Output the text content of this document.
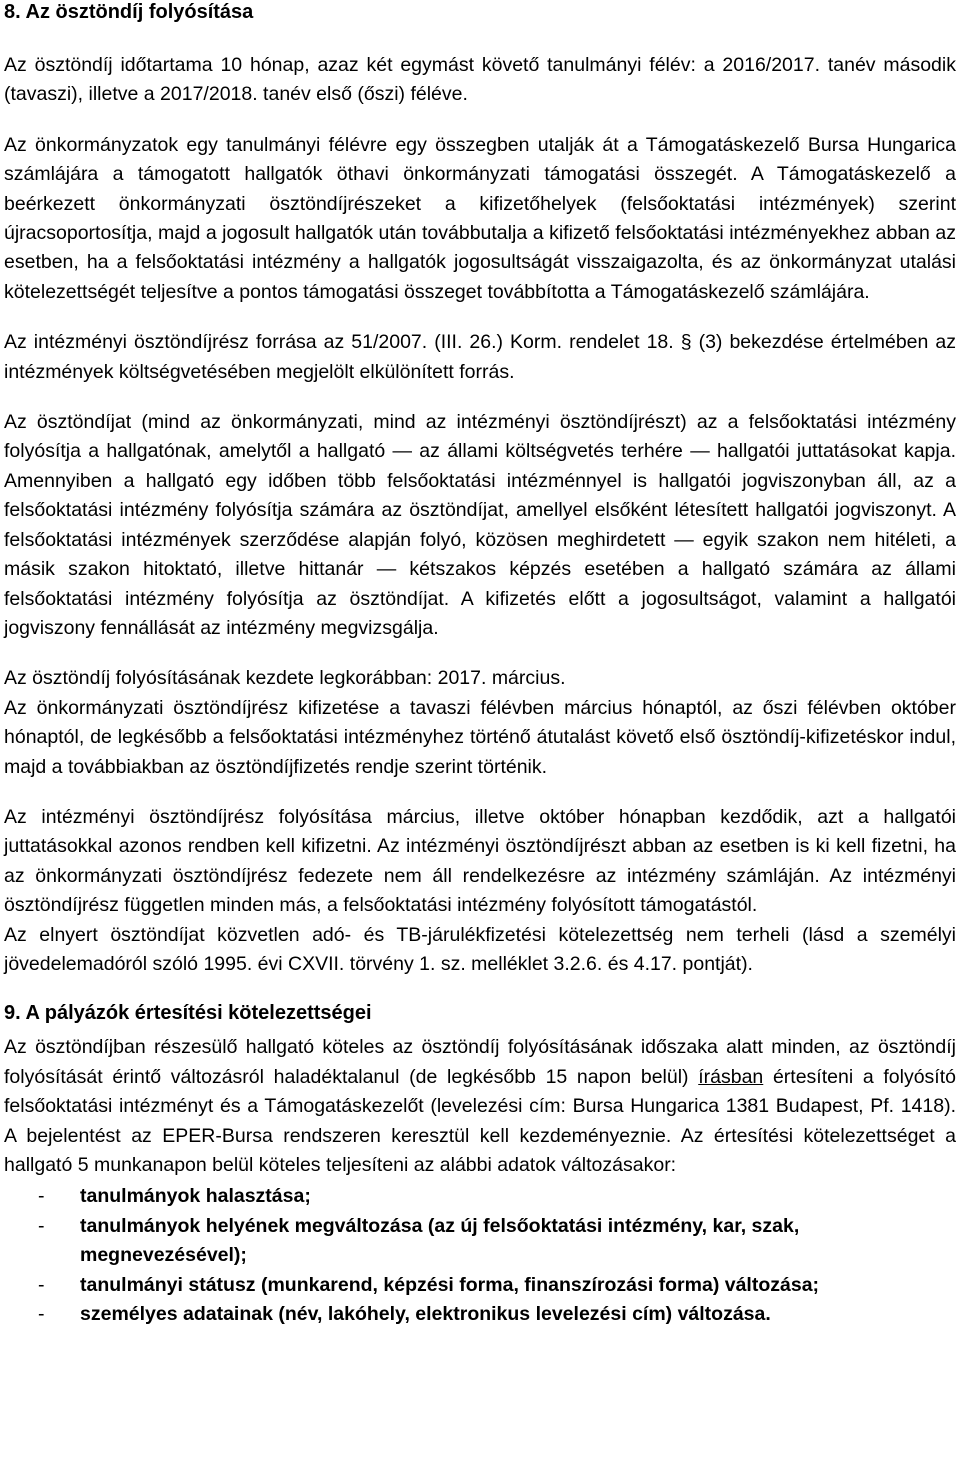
8. Az ösztöndíj folyósítása

Az ösztöndíj időtartama 10 hónap, azaz két egymást követő tanulmányi félév: a 2016/2017. tanév második (tavaszi), illetve a 2017/2018. tanév első (őszi) féléve.

Az önkormányzatok egy tanulmányi félévre egy összegben utalják át a Támogatáskezelő Bursa Hungarica számlájára a támogatott hallgatók öthavi önkormányzati támogatási összegét. A Támogatáskezelő a beérkezett önkormányzati ösztöndíjrészeket a kifizetőhelyek (felsőoktatási intézmények) szerint újracsoportosítja, majd a jogosult hallgatók után továbbutalja a kifizető felsőoktatási intézményekhez abban az esetben, ha a felsőoktatási intézmény a hallgatók jogosultságát visszaigazolta, és az önkormányzat utalási kötelezettségét teljesítve a pontos támogatási összeget továbbította a Támogatáskezelő számlájára.

Az intézményi ösztöndíjrész forrása az 51/2007. (III. 26.) Korm. rendelet 18. § (3) bekezdése értelmében az intézmények költségvetésében megjelölt elkülönített forrás.

Az ösztöndíjat (mind az önkormányzati, mind az intézményi ösztöndíjrészt) az a felsőoktatási intézmény folyósítja a hallgatónak, amelytől a hallgató — az állami költségvetés terhére — hallgatói juttatásokat kapja. Amennyiben a hallgató egy időben több felsőoktatási intézménnyel is hallgatói jogviszonyban áll, az a felsőoktatási intézmény folyósítja számára az ösztöndíjat, amellyel elsőként létesített hallgatói jogviszonyt. A felsőoktatási intézmények szerződése alapján folyó, közösen meghirdetett — egyik szakon nem hitéleti, a másik szakon hitoktató, illetve hittanár — kétszakos képzés esetében a hallgató számára az állami felsőoktatási intézmény folyósítja az ösztöndíjat. A kifizetés előtt a jogosultságot, valamint a hallgatói jogviszony fennállását az intézmény megvizsgálja.

Az ösztöndíj folyósításának kezdete legkorábban: 2017. március.

Az önkormányzati ösztöndíjrész kifizetése a tavaszi félévben március hónaptól, az őszi félévben október hónaptól, de legkésőbb a felsőoktatási intézményhez történő átutalást követő első ösztöndíj-kifizetéskor indul, majd a továbbiakban az ösztöndíjfizetés rendje szerint történik.

Az intézményi ösztöndíjrész folyósítása március, illetve október hónapban kezdődik, azt a hallgatói juttatásokkal azonos rendben kell kifizetni. Az intézményi ösztöndíjrészt abban az esetben is ki kell fizetni, ha az önkormányzati ösztöndíjrész fedezete nem áll rendelkezésre az intézmény számláján. Az intézményi ösztöndíjrész független minden más, a felsőoktatási intézmény folyósított támogatástól.

Az elnyert ösztöndíjat közvetlen adó- és TB-járulékfizetési kötelezettség nem terheli (lásd a személyi jövedelemadóról szóló 1995. évi CXVII. törvény 1. sz. melléklet 3.2.6. és 4.17. pontját).

9. A pályázók értesítési kötelezettségei

Az ösztöndíjban részesülő hallgató köteles az ösztöndíj folyósításának időszaka alatt minden, az ösztöndíj folyósítását érintő változásról haladéktalanul (de legkésőbb 15 napon belül) írásban értesíteni a folyósító felsőoktatási intézményt és a Támogatáskezelőt (levelezési cím: Bursa Hungarica 1381 Budapest, Pf. 1418). A bejelentést az EPER-Bursa rendszeren keresztül kell kezdeményeznie. Az értesítési kötelezettséget a hallgató 5 munkanapon belül köteles teljesíteni az alábbi adatok változásakor:

- tanulmányok halasztása;
- tanulmányok helyének megváltozása (az új felsőoktatási intézmény, kar, szak, megnevezésével);
- tanulmányi státusz (munkarend, képzési forma, finanszírozási forma) változása;
- személyes adatainak (név, lakóhely, elektronikus levelezési cím) változása.
